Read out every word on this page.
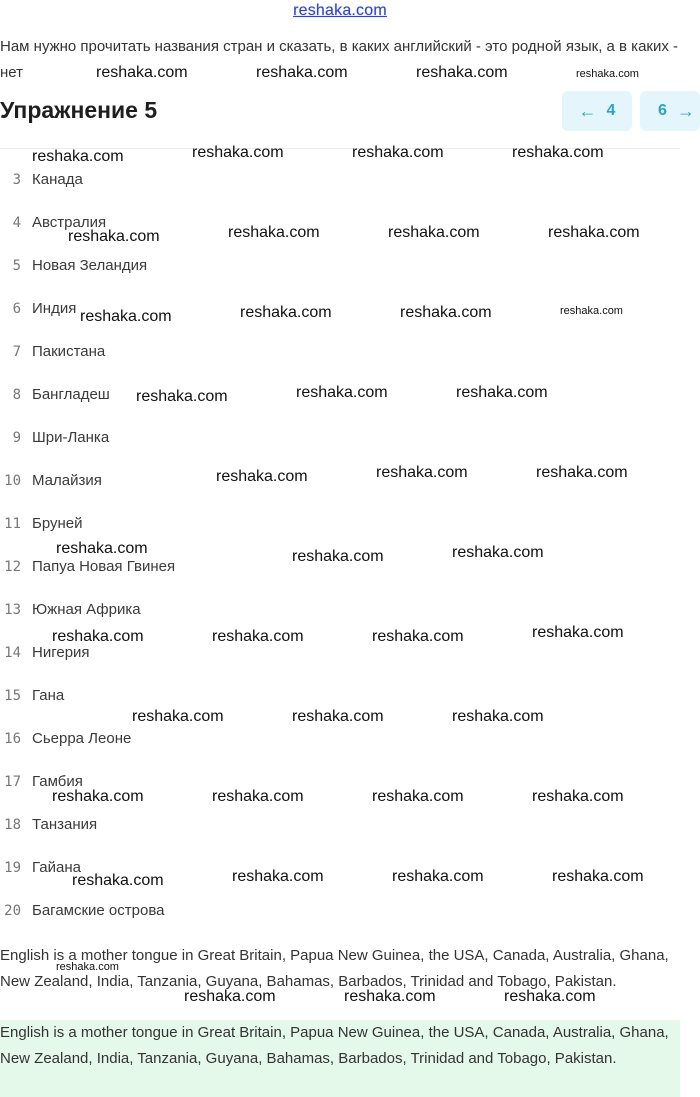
reshaka.com
Нам нужно прочитать названия стран и сказать, в каких английский - это родной язык, а в каких - нет
Упражнение 5	← 4	6 →
3 Канада
4 Австралия
5 Новая Зеландия
6 Индия
7 Пакистана
8 Бангладеш
9 Шри-Ланка
10 Малайзия
11 Бруней
12 Папуа Новая Гвинея
13 Южная Африка
14 Нигерия
15 Гана
16 Сьерра Леоне
17 Гамбия
18 Танзания
19 Гайана
20 Багамские острова
English is a mother tongue in Great Britain, Papua New Guinea, the USA, Canada, Australia, Ghana, New Zealand, India, Tanzania, Guyana, Bahamas, Barbados, Trinidad and Tobago, Pakistan.
English is a mother tongue in Great Britain, Papua New Guinea, the USA, Canada, Australia, Ghana, New Zealand, India, Tanzania, Guyana, Bahamas, Barbados, Trinidad and Tobago, Pakistan.
reshaka.com	reshaka.com	reshaka.com	reshaka.com
reshaka.com	reshaka.com	reshaka.com	reshaka.com
reshaka.com	reshaka.com	reshaka.com	reshaka.com
reshaka.com	reshaka.com	reshaka.com	reshaka.com
reshaka.com	reshaka.com	reshaka.com
reshaka.com	reshaka.com	reshaka.com
reshaka.com	reshaka.com	reshaka.com
reshaka.com	reshaka.com	reshaka.com	reshaka.com
reshaka.com	reshaka.com	reshaka.com
reshaka.com	reshaka.com	reshaka.com	reshaka.com
reshaka.com	reshaka.com	reshaka.com	reshaka.com
reshaka.com
reshaka.com	reshaka.com	reshaka.com
